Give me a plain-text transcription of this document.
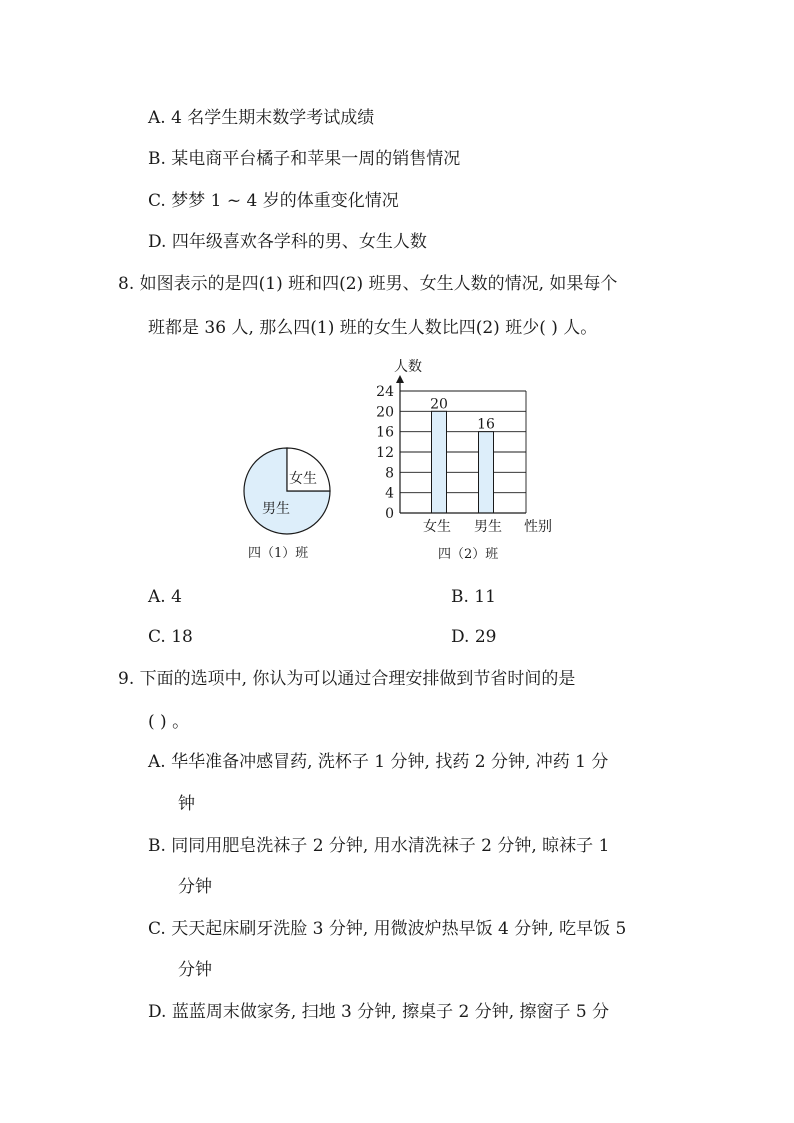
A. 4 名学生期末数学考试成绩
B. 某电商平台橘子和苹果一周的销售情况
C. 梦梦 1 ~ 4 岁的体重变化情况
D. 四年级喜欢各学科的男、女生人数
8. 如图表示的是四(1) 班和四(2) 班男、女生人数的情况, 如果每个
班都是 36 人, 那么四(1) 班的女生人数比四(2) 班少( ) 人。
女生
男生
四（1）班
人数
0
4
8
12
16
20
24
20
16
女生 男生 性别
四（2）班
A. 4	B. 11
C. 18	D. 29
9. 下面的选项中, 你认为可以通过合理安排做到节省时间的是
( ) 。
A. 华华准备冲感冒药, 洗杯子 1 分钟, 找药 2 分钟, 冲药 1 分
钟
B. 同同用肥皂洗袜子 2 分钟, 用水清洗袜子 2 分钟, 晾袜子 1
分钟
C. 天天起床刷牙洗脸 3 分钟, 用微波炉热早饭 4 分钟, 吃早饭 5
分钟
D. 蓝蓝周末做家务, 扫地 3 分钟, 擦桌子 2 分钟, 擦窗子 5 分
